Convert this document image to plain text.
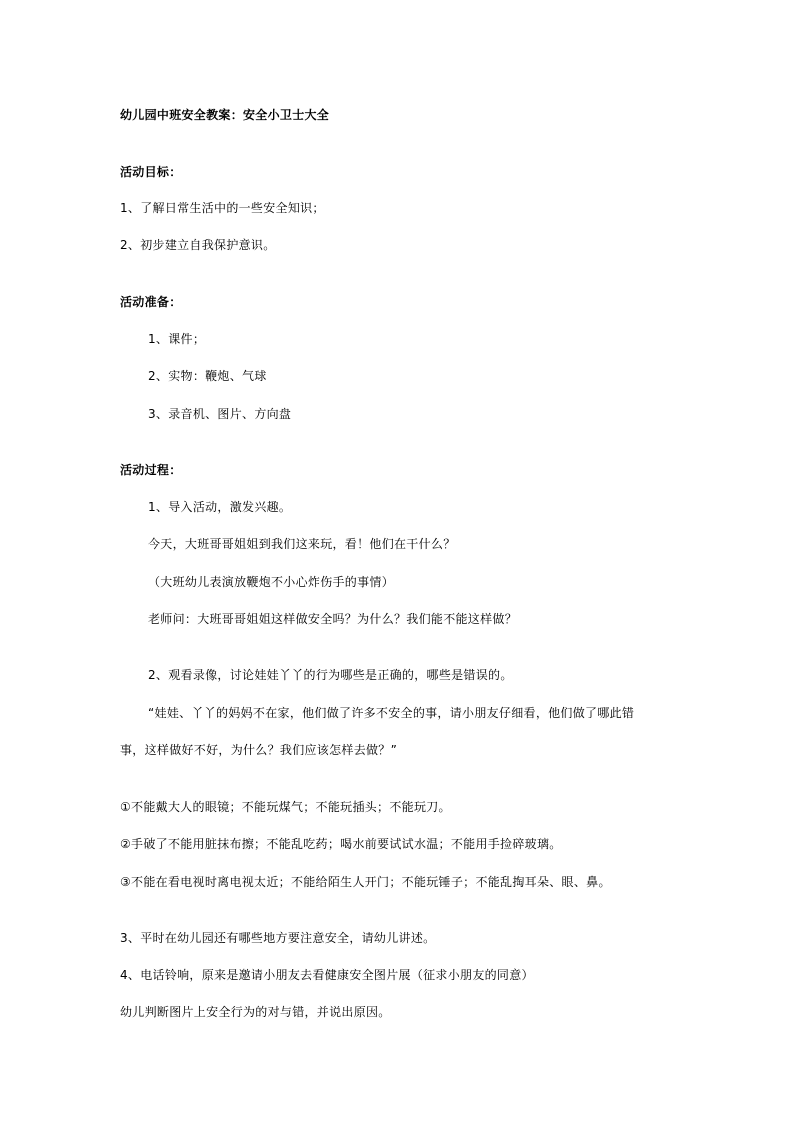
幼儿园中班安全教案：安全小卫士大全
活动目标：
1、了解日常生活中的一些安全知识；
2、初步建立自我保护意识。
活动准备：
1、课件；
2、实物：鞭炮、气球
3、录音机、图片、方向盘
活动过程：
1、导入活动，激发兴趣。
今天，大班哥哥姐姐到我们这来玩，看！他们在干什么？
（大班幼儿表演放鞭炮不小心炸伤手的事情）
老师问：大班哥哥姐姐这样做安全吗？为什么？我们能不能这样做？
2、观看录像，讨论娃娃丫丫的行为哪些是正确的，哪些是错误的。
“娃娃、丫丫的妈妈不在家，他们做了许多不安全的事，请小朋友仔细看，他们做了哪此错
事，这样做好不好，为什么？我们应该怎样去做？”
①不能戴大人的眼镜；不能玩煤气；不能玩插头；不能玩刀。
②手破了不能用脏抹布擦；不能乱吃药；喝水前要试试水温；不能用手捡碎玻璃。
③不能在看电视时离电视太近；不能给陌生人开门；不能玩锤子；不能乱掏耳朵、眼、鼻。
3、平时在幼儿园还有哪些地方要注意安全，请幼儿讲述。
4、电话铃响，原来是邀请小朋友去看健康安全图片展（征求小朋友的同意）
幼儿判断图片上安全行为的对与错，并说出原因。
